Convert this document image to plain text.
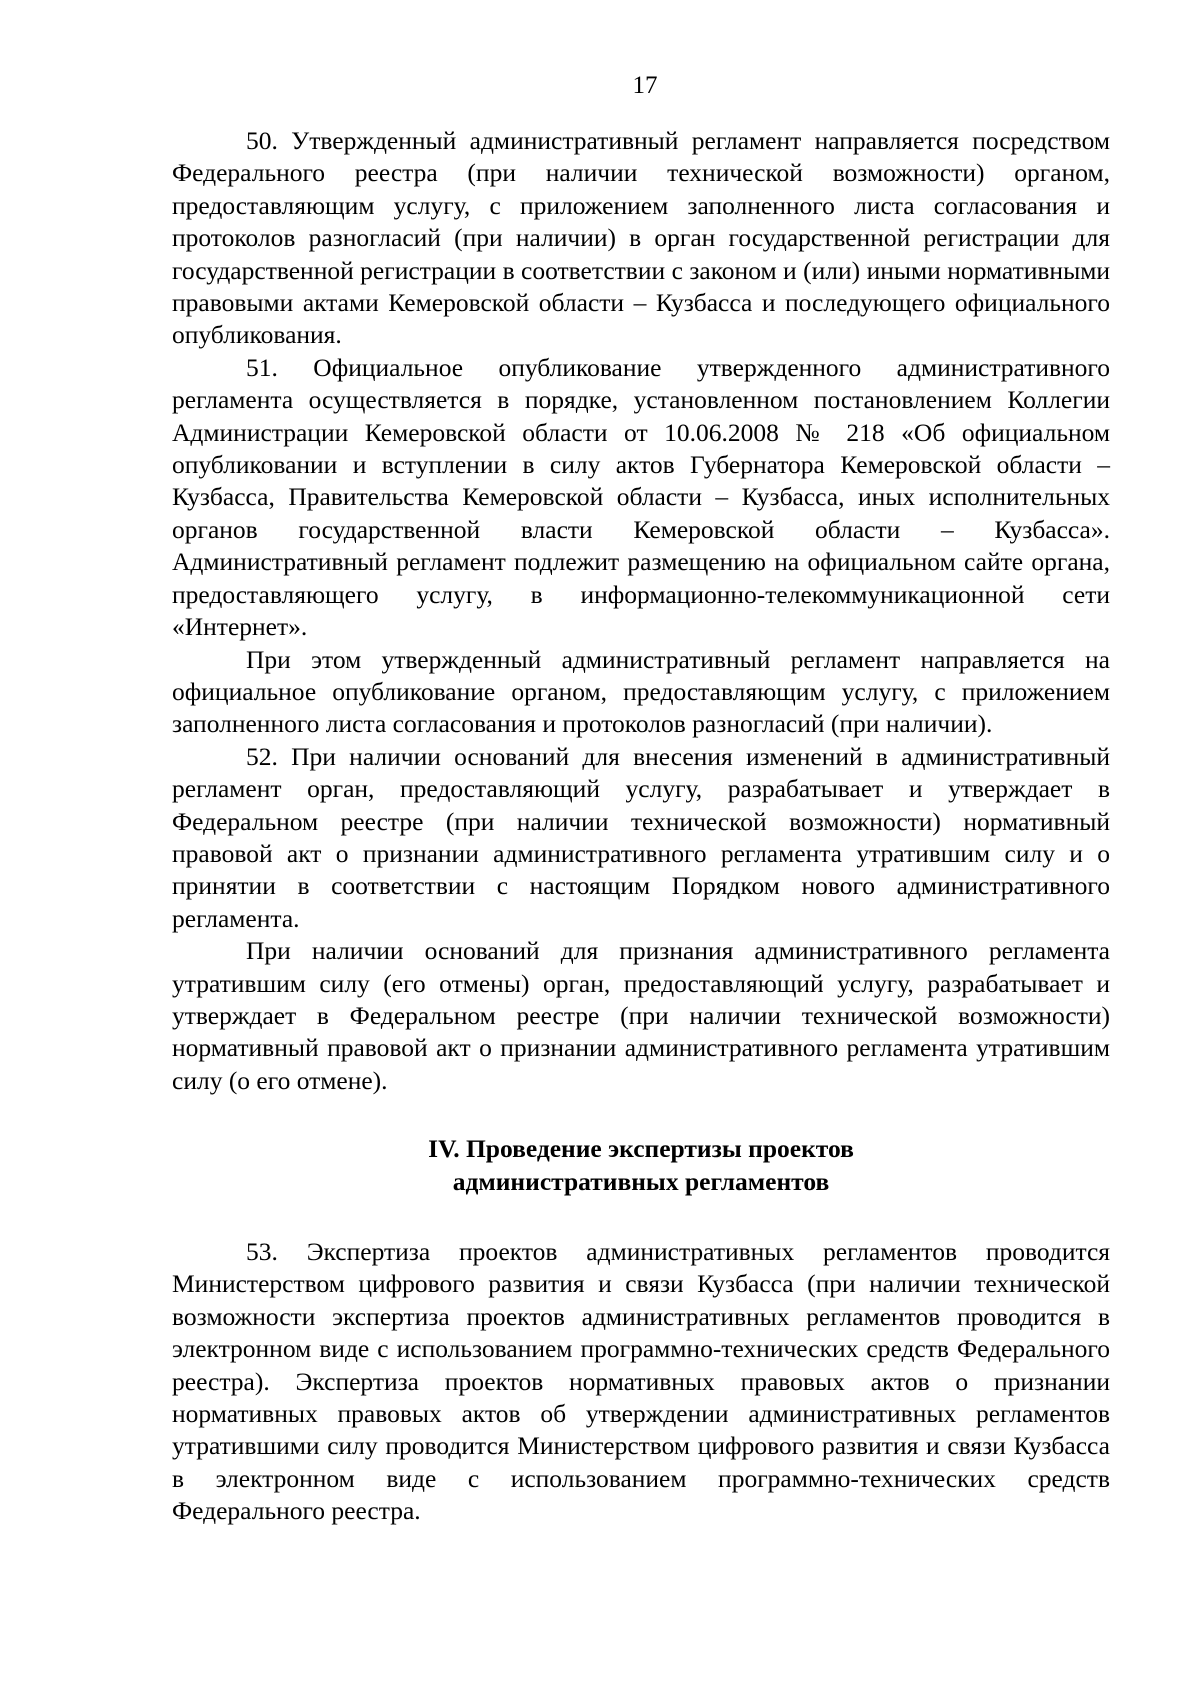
17

50. Утвержденный административный регламент направляется посредством Федерального реестра (при наличии технической возможности) органом, предоставляющим услугу, с приложением заполненного листа согласования и протоколов разногласий (при наличии) в орган государственной регистрации для государственной регистрации в соответствии с законом и (или) иными нормативными правовыми актами Кемеровской области – Кузбасса и последующего официального опубликования.

51. Официальное опубликование утвержденного административного регламента осуществляется в порядке, установленном постановлением Коллегии Администрации Кемеровской области от 10.06.2008 № 218 «Об официальном опубликовании и вступлении в силу актов Губернатора Кемеровской области – Кузбасса, Правительства Кемеровской области – Кузбасса, иных исполнительных органов государственной власти Кемеровской области – Кузбасса». Административный регламент подлежит размещению на официальном сайте органа, предоставляющего услугу, в информационно-телекоммуникационной сети «Интернет».

При этом утвержденный административный регламент направляется на официальное опубликование органом, предоставляющим услугу, с приложением заполненного листа согласования и протоколов разногласий (при наличии).

52. При наличии оснований для внесения изменений в административный регламент орган, предоставляющий услугу, разрабатывает и утверждает в Федеральном реестре (при наличии технической возможности) нормативный правовой акт о признании административного регламента утратившим силу и о принятии в соответствии с настоящим Порядком нового административного регламента.

При наличии оснований для признания административного регламента утратившим силу (его отмены) орган, предоставляющий услугу, разрабатывает и утверждает в Федеральном реестре (при наличии технической возможности) нормативный правовой акт о признании административного регламента утратившим силу (о его отмене).

IV. Проведение экспертизы проектов
административных регламентов

53. Экспертиза проектов административных регламентов проводится Министерством цифрового развития и связи Кузбасса (при наличии технической возможности экспертиза проектов административных регламентов проводится в электронном виде с использованием программно-технических средств Федерального реестра). Экспертиза проектов нормативных правовых актов о признании нормативных правовых актов об утверждении административных регламентов утратившими силу проводится Министерством цифрового развития и связи Кузбасса в электронном виде с использованием программно-технических средств Федерального реестра.
